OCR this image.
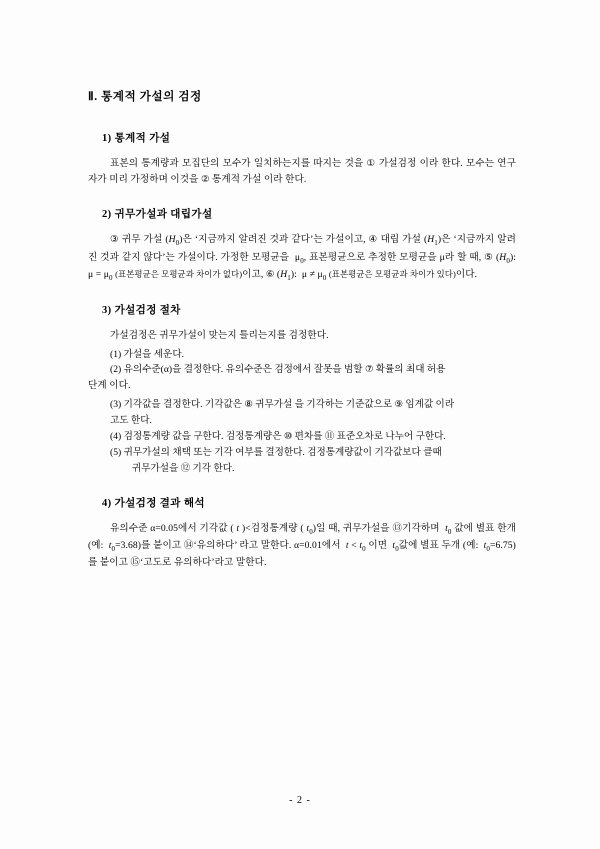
Ⅱ. 통계적 가설의 검정
1) 통계적 가설

표본의 통계량과 모집단의 모수가 일치하는지를 따지는 것을 ① 가설검정 이라 한다. 모수는 연구자가 미리 가정하며 이것을 ② 통계적 가설 이라 한다.

2) 귀무가설과 대립가설

③ 귀무 가설 $(H_0)$은 ‘지금까지 알려진 것과 같다’는 가설이고, ④ 대립 가설 $(H_1)$은 ‘지금까지 알려진 것과 같지 않다’는 가설이다. 가정한 모평균을  $\mu_0$, 표본평균으로 추정한 모평균을 μ라 할 때, ⑤ $(H_0)$: $\mu = \mu_0$ (표본평균은 모평균과 차이가 없다)이고, ⑥ $(H_1)$:  $\mu \ne \mu_0$ (표본평균은 모평균과 차이가 있다)이다.

3) 가설검정 절차

가설검정은 귀무가설이 맞는지 틀리는지를 검정한다.

(1) 가설을 세운다.

(2) 유의수준(α)을 결정한다. 유의수준은 검정에서 잘못을 범할 ⑦ 확률의 최대 허용

단계 이다.

(3) 기각값을 결정한다. 기각값은 ⑧ 귀무가설 을 기각하는 기준값으로 ⑨ 임계값 이라

고도 한다.

(4) 검정통계량 값을 구한다. 검정통계량은 ⑩ 편차를 ⑪ 표준오차로 나누어 구한다.

(5) 귀무가설의 채택 또는 기각 여부를 결정한다. 검정통계량값이 기각값보다 클때

귀무가설을 ⑫ 기각 한다.

4) 가설검정 결과 해석

유의수준 α=0.05에서 기각값 ( t )<검정통계량 ( $t_0$)일 때, 귀무가설을 ⑬기각하며  $t_0$ 값에 별표 한개 (예:  $t_0=3.68$)를 붙이고 ⑭‘유의하다’ 라고 말한다. α=0.01에서  $t < t_0$ 이면  $t_0$값에 별표 두개 (예:  $t_0=6.75$)를 붙이고 ⑮‘고도로 유의하다’라고 말한다.

- 2 -
